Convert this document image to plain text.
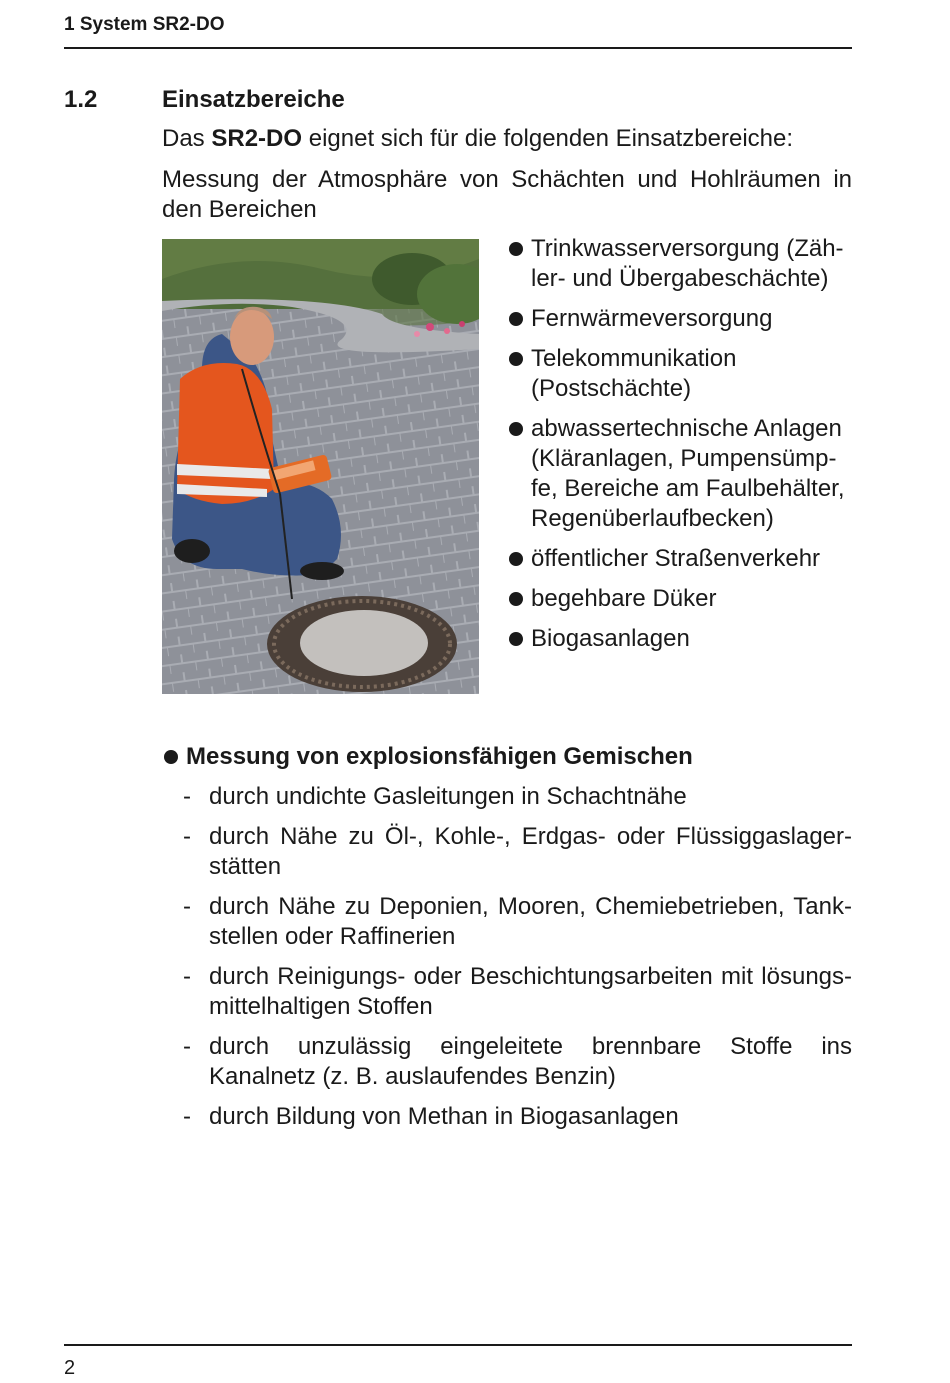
1 System SR2-DO
1.2	Einsatzbereiche
Das SR2-DO eignet sich für die folgenden Einsatzbereiche:
Messung der Atmosphäre von Schächten und Hohlräumen in den Bereichen
Trinkwasserversorgung (Zäh-ler- und Übergabeschächte)
Fernwärmeversorgung
Telekommunikation (Postschächte)
abwassertechnische Anlagen (Kläranlagen, Pumpensümp-fe, Bereiche am Faulbehälter, Regenüberlaufbecken)
öffentlicher Straßenverkehr
begehbare Düker
Biogasanlagen
Messung von explosionsfähigen Gemischen
- durch undichte Gasleitungen in Schachtnähe
- durch Nähe zu Öl-, Kohle-, Erdgas- oder Flüssiggaslager-stätten
- durch Nähe zu Deponien, Mooren, Chemiebetrieben, Tank-stellen oder Raffinerien
- durch Reinigungs- oder Beschichtungsarbeiten mit lösungs-mittelhaltigen Stoffen
- durch unzulässig eingeleitete brennbare Stoffe ins Kanalnetz (z. B. auslaufendes Benzin)
- durch Bildung von Methan in Biogasanlagen
2
